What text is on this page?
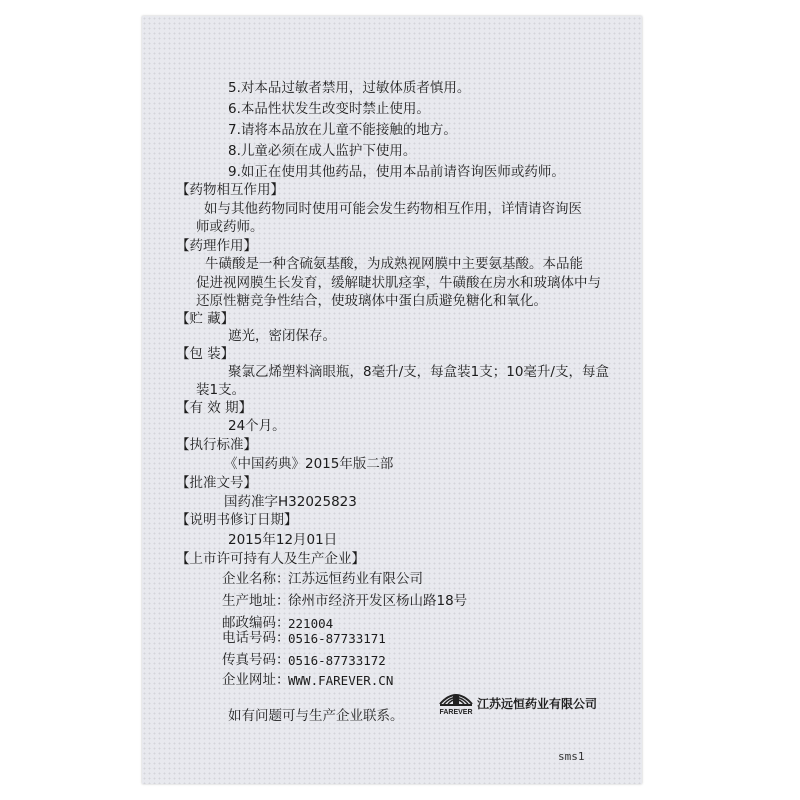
5.对本品过敏者禁用，过敏体质者慎用。
6.本品性状发生改变时禁止使用。
7.请将本品放在儿童不能接触的地方。
8.儿童必须在成人监护下使用。
9.如正在使用其他药品，使用本品前请咨询医师或药师。
【药物相互作用】
如与其他药物同时使用可能会发生药物相互作用，详情请咨询医
师或药师。
【药理作用】
牛磺酸是一种含硫氨基酸，为成熟视网膜中主要氨基酸。本品能
促进视网膜生长发育，缓解睫状肌痉挛，牛磺酸在房水和玻璃体中与
还原性糖竞争性结合，使玻璃体中蛋白质避免糖化和氧化。
【贮 藏】
遮光，密闭保存。
【包 装】
聚氯乙烯塑料滴眼瓶，8毫升/支，每盒装1支；10毫升/支，每盒
装1支。
【有 效 期】
24个月。
【执行标准】
《中国药典》2015年版二部
【批准文号】
国药准字H32025823
【说明书修订日期】
2015年12月01日
【上市许可持有人及生产企业】
企业名称：
江苏远恒药业有限公司
生产地址：
徐州市经济开发区杨山路18号
邮政编码：
221004
电话号码：
0516-87733171
传真号码：
0516-87733172
企业网址：
WWW.FAREVER.CN
FAREVER
江苏远恒药业有限公司
如有问题可与生产企业联系。
sms1
